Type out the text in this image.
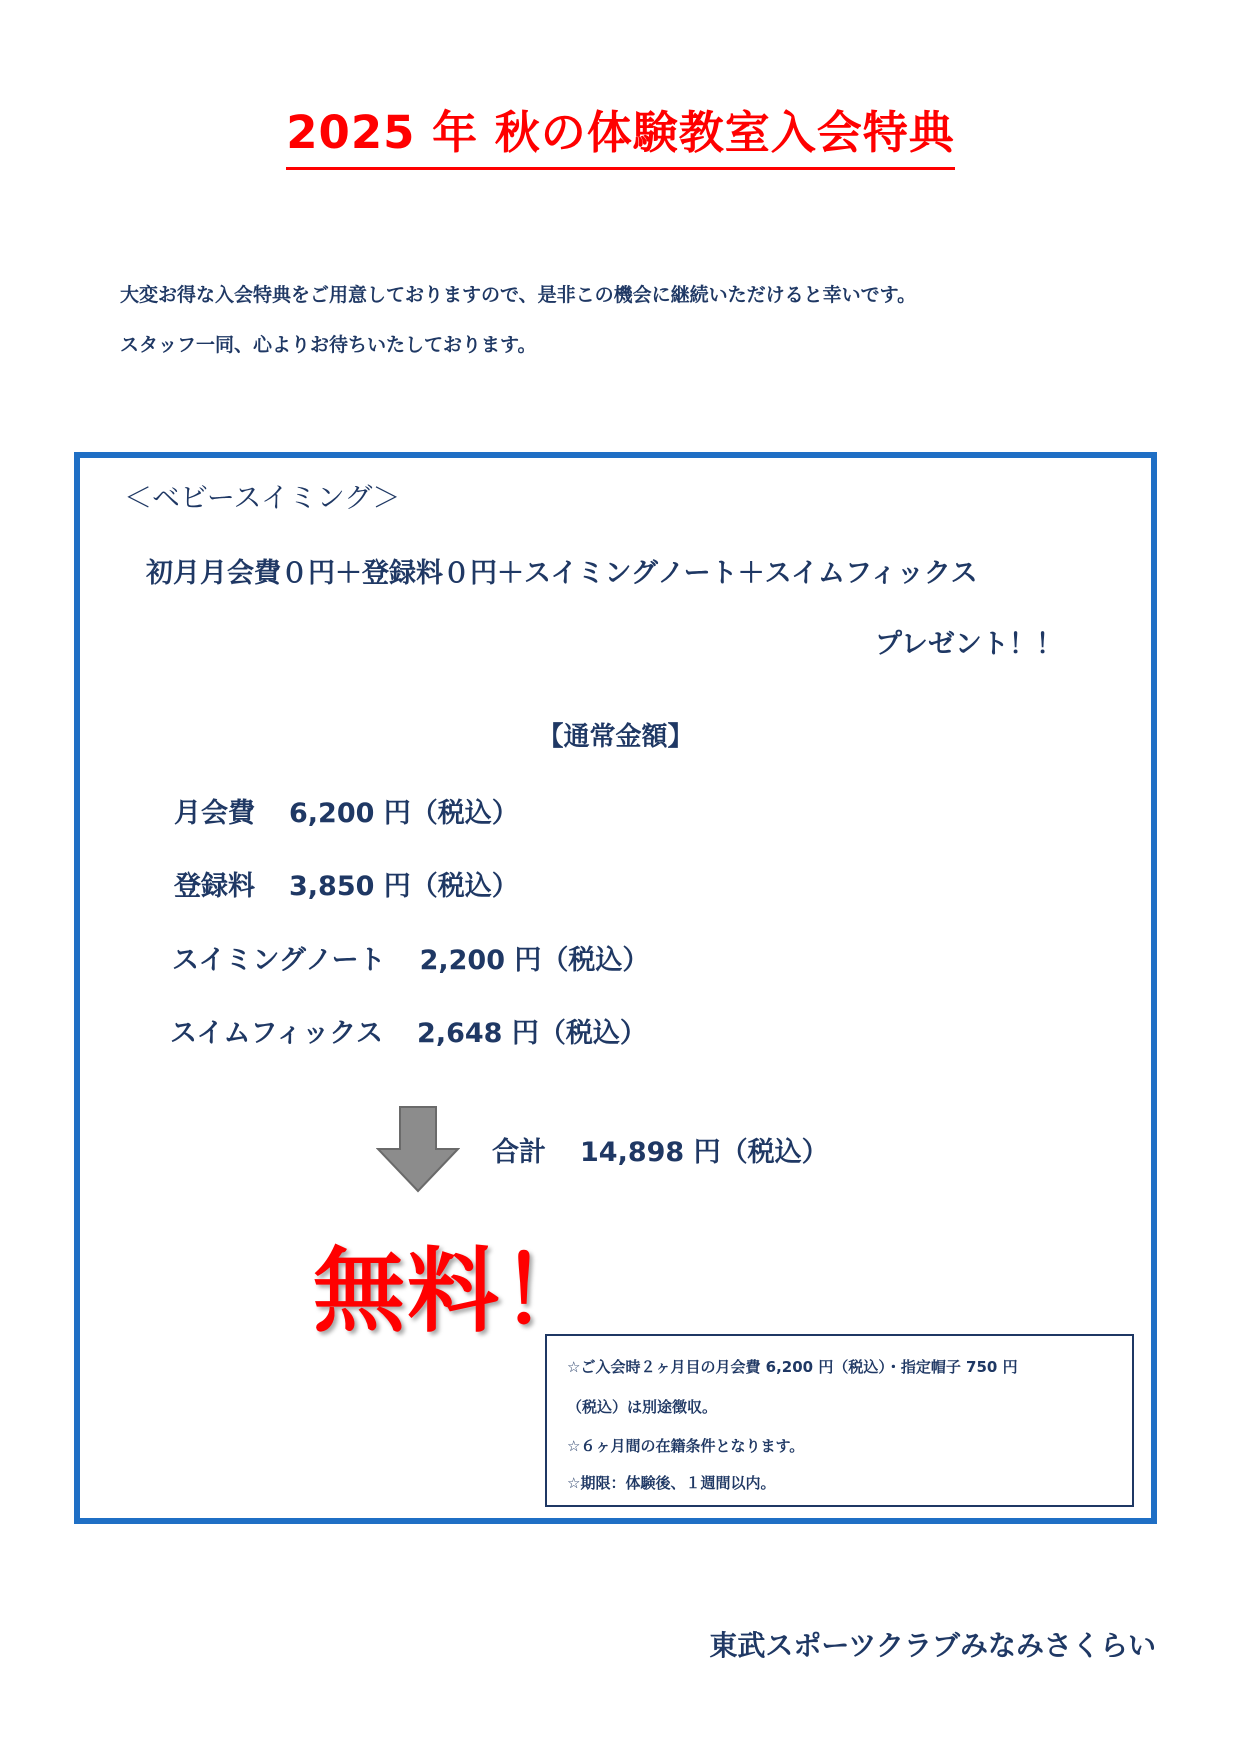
2025 年 秋の体験教室入会特典
大変お得な入会特典をご用意しておりますので、是非この機会に継続いただけると幸いです。
スタッフ一同、心よりお待ちいたしております。
＜ベビースイミング＞
初月月会費０円＋登録料０円＋スイミングノート＋スイムフィックス
プレゼント！！
【通常金額】
月会費 6,200 円（税込）
登録料 3,850 円（税込）
スイミングノート 2,200 円（税込）
スイムフィックス 2,648 円（税込）
合計 14,898 円（税込）
無料！
☆ご入会時２ヶ月目の月会費 6,200 円（税込）・指定帽子 750 円
（税込）は別途徴収。
☆６ヶ月間の在籍条件となります。
☆期限：体験後、１週間以内。
東武スポーツクラブみなみさくらい
